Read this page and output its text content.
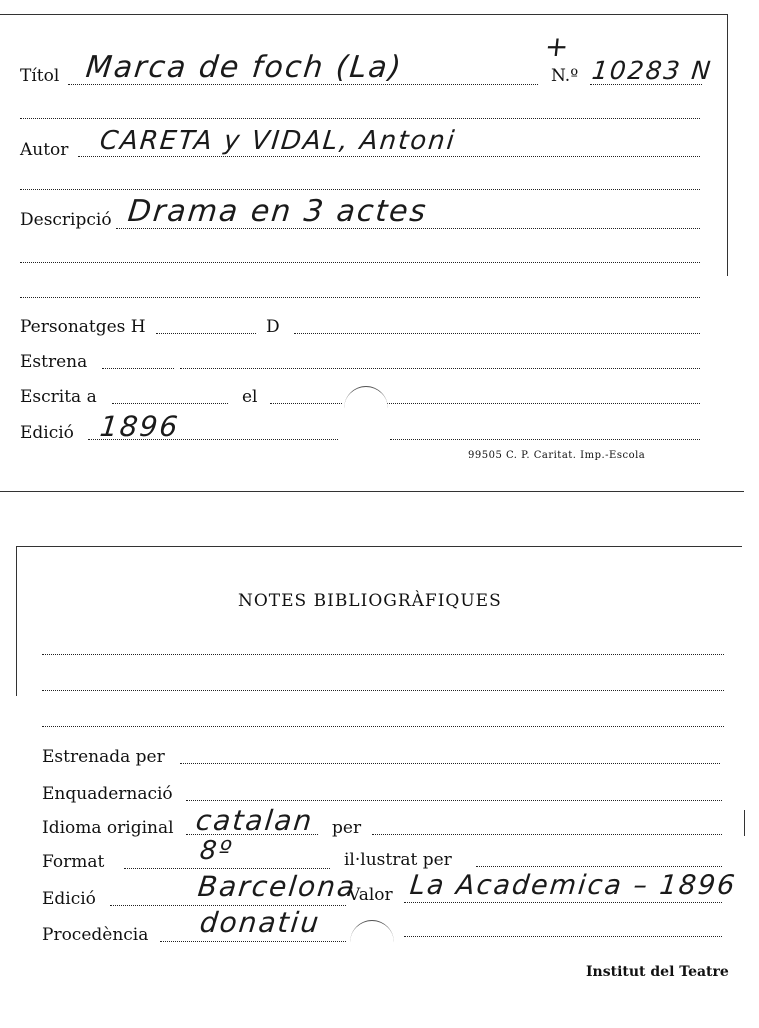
+
Títol Marca de foch (La)	N.º 10283 N
Autor CARETA y VIDAL, Antoni
Descripció Drama en 3 actes
Personatges H	D
Estrena
Escrita a	el
Edició 1896
99505 C. P. Caritat. Imp.-Escola
NOTES BIBLIOGRÀFIQUES
Estrenada per
Enquadernació
Idioma original catalan per
Format	8º	il·lustrat per
Edició	Barcelona
Valor La Academica – 1896
Procedència donatiu
Institut del Teatre
